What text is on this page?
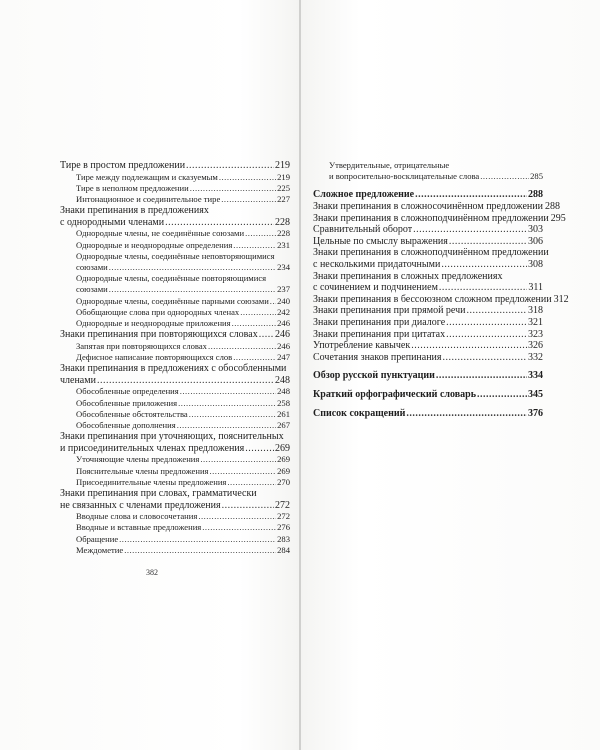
Тире в простом предложении .....	219
Тире между подлежащим и сказуемым .....	219
Тире в неполном предложении .....	225
Интонационное и соединительное тире .....	227
Знаки препинания в предложениях
с однородными членами .....	228
Однородные члены, не соединённые союзами .....	228
Однородные и неоднородные определения .....	231
Однородные члены, соединённые неповторяющимися
союзами .....	234
Однородные члены, соединённые повторяющимися
союзами .....	237
Однородные члены, соединённые парными союзами ..... 240
Обобщающие слова при однородных членах .....	242
Однородные и неоднородные приложения .....	246
Знаки препинания при повторяющихся словах ..... 246
Запятая при повторяющихся словах .....	246
Дефисное написание повторяющихся слов .....	247
Знаки препинания в предложениях с обособленными
членами .....	248
Обособленные определения .....	248
Обособленные приложения .....	258
Обособленные обстоятельства .....	261
Обособленные дополнения .....	267
Знаки препинания при уточняющих, пояснительных
и присоединительных членах предложения .....	269
Уточняющие члены предложения .....	269
Пояснительные члены предложения .....	269
Присоединительные члены предложения .....	270
Знаки препинания при словах, грамматически
не связанных с членами предложения .....	272
Вводные слова и словосочетания .....	272
Вводные и вставные предложения .....	276
Обращение .....	283
Междометие .....	284
Утвердительные, отрицательные
и вопросительно-восклицательные слова .....	285
Сложное предложение .....	288
Знаки препинания в сложносочинённом предложении 288
Знаки препинания в сложноподчинённом предложении 295
Сравнительный оборот .....	303
Цельные по смыслу выражения .....	306
Знаки препинания в сложноподчинённом предложении
с несколькими придаточными .....	308
Знаки препинания в сложных предложениях
с сочинением и подчинением .....	311
Знаки препинания в бессоюзном сложном предложении 312
Знаки препинания при прямой речи .....	318
Знаки препинания при диалоге .....	321
Знаки препинания при цитатах .....	323
Употребление кавычек .....	326
Сочетания знаков препинания .....	332
Обзор русской пунктуации .....	334
Краткий орфографический словарь .....	345
Список сокращений .....	376
382
